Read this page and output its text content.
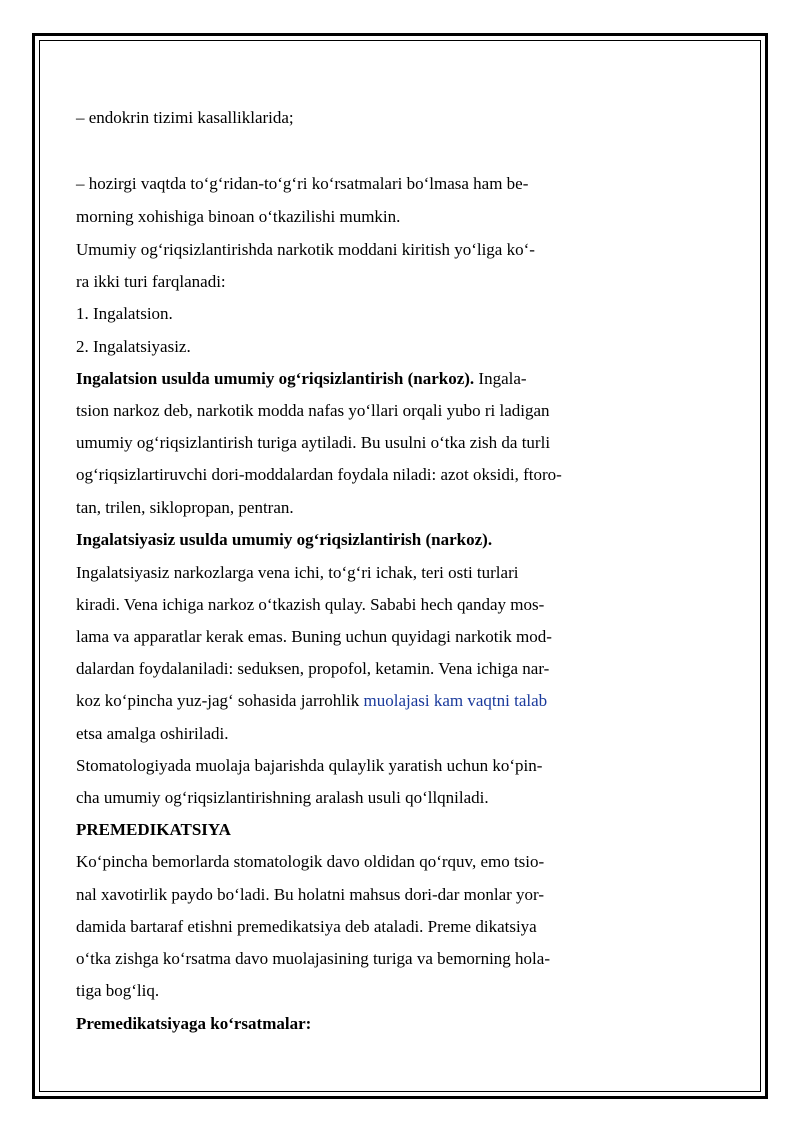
– endokrin tizimi kasalliklarida;
– hozirgi vaqtda to‘g‘ridan-to‘g‘ri ko‘rsatmalari bo‘lmasa ham be-
morning xohishiga binoan o‘tkazilishi mumkin.
Umumiy og‘riqsizlantirishda narkotik moddani kiritish yo‘liga ko‘-
ra ikki turi farqlanadi:
1. Ingalatsion.
2. Ingalatsiyasiz.
Ingalatsion usulda umumiy og‘riqsizlantirish (narkoz). Ingala-
tsion narkoz deb, narkotik modda nafas yo‘llari orqali yubo ri ladigan
umumiy og‘riqsizlantirish turiga aytiladi. Bu usulni o‘tka zish da turli
og‘riqsizlartiruvchi dori-moddalardan foydala niladi: azot oksidi, ftoro-
tan, trilen, siklopropan, pentran.
Ingalatsiyasiz usulda umumiy og‘riqsizlantirish (narkoz).
Ingalatsiyasiz narkozlarga vena ichi, to‘g‘ri ichak, teri osti turlari
kiradi. Vena ichiga narkoz o‘tkazish qulay. Sababi hech qanday mos-
lama va apparatlar kerak emas. Buning uchun quyidagi narkotik mod-
dalardan foydalaniladi: seduksen, propofol, ketamin. Vena ichiga nar-
koz ko‘pincha yuz-jag‘ sohasida jarrohlik muolajasi kam vaqtni talab
etsa amalga oshiriladi.
Stomatologiyada muolaja bajarishda qulaylik yaratish uchun ko‘pin-
cha umumiy og‘riqsizlantirishning aralash usuli qo‘llqniladi.
PREMEDIKATSIYA
Ko‘pincha bemorlarda stomatologik davo oldidan qo‘rquv, emo tsio-
nal xavotirlik paydo bo‘ladi. Bu holatni mahsus dori-dar monlar yor-
damida bartaraf etishni premedikatsiya deb ataladi. Preme dikatsiya
o‘tka zishga ko‘rsatma davo muolajasining turiga va bemorning hola-
tiga bog‘liq.
Premedikatsiyaga ko‘rsatmalar:
